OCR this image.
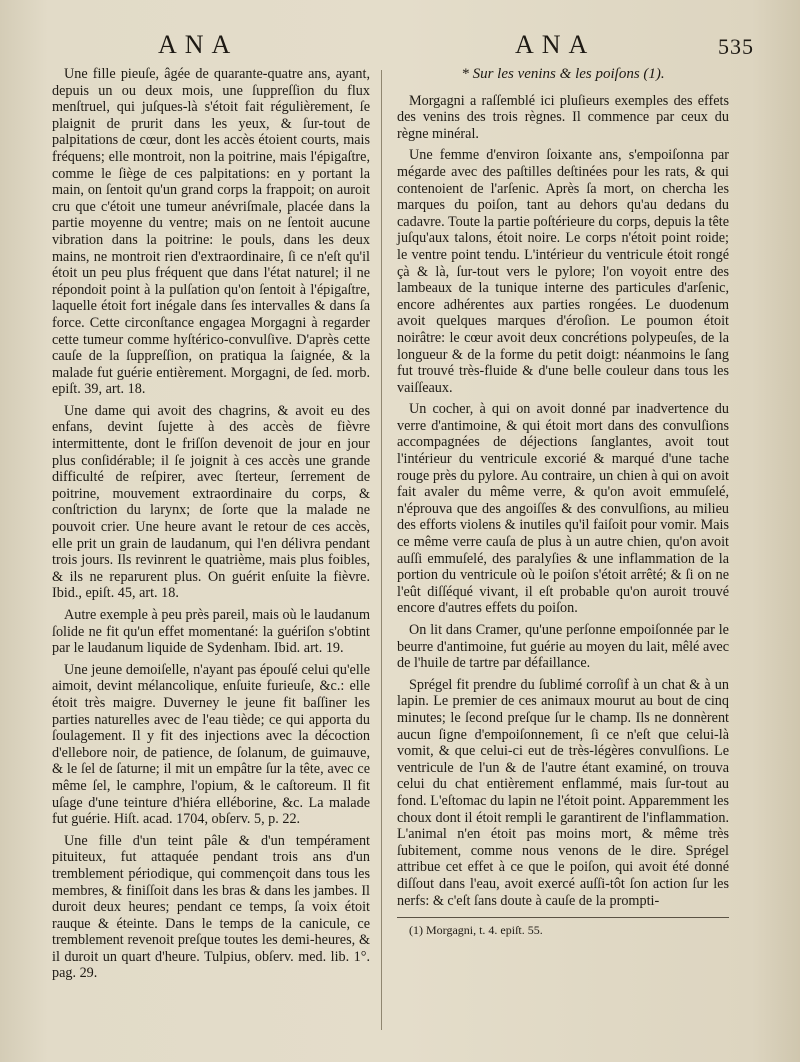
ANA	ANA	535

Une fille pieuſe, âgée de quarante-quatre ans, ayant, depuis un ou deux mois, une ſuppreſſion du flux menſtruel, qui juſques-là s'étoit fait régulièrement, ſe plaignit de prurit dans les yeux, & ſur-tout de palpitations de cœur, dont les accès étoient courts, mais fréquens; elle montroit, non la poitrine, mais l'épigaſtre, comme le ſiège de ces palpitations: en y portant la main, on ſentoit qu'un grand corps la frappoit; on auroit cru que c'étoit une tumeur anévriſmale, placée dans la partie moyenne du ventre; mais on ne ſentoit aucune vibration dans la poitrine: le pouls, dans les deux mains, ne montroit rien d'extraordinaire, ſi ce n'eſt qu'il étoit un peu plus fréquent que dans l'état naturel; il ne répondoit point à la pulſation qu'on ſentoit à l'épigaſtre, laquelle étoit fort inégale dans ſes intervalles & dans ſa force. Cette circonſtance engagea Morgagni à regarder cette tumeur comme hyſtérico-convulſive. D'après cette cauſe de la ſuppreſſion, on pratiqua la ſaignée, & la malade fut guérie entièrement. Morgagni, de ſed. morb. epiſt. 39, art. 18.

Une dame qui avoit des chagrins, & avoit eu des enfans, devint ſujette à des accès de fièvre intermittente, dont le friſſon devenoit de jour en jour plus conſidérable; il ſe joignit à ces accès une grande difficulté de reſpirer, avec ſterteur, ſerrement de poitrine, mouvement extraordinaire du corps, & conſtriction du larynx; de ſorte que la malade ne pouvoit crier. Une heure avant le retour de ces accès, elle prit un grain de laudanum, qui l'en délivra pendant trois jours. Ils revinrent le quatrième, mais plus foibles, & ils ne reparurent plus. On guérit enſuite la fièvre. Ibid., epiſt. 45, art. 18.

Autre exemple à peu près pareil, mais où le laudanum ſolide ne fit qu'un effet momentané: la guériſon s'obtint par le laudanum liquide de Sydenham. Ibid. art. 19.

Une jeune demoiſelle, n'ayant pas épouſé celui qu'elle aimoit, devint mélancolique, enſuite furieuſe, &c.: elle étoit très maigre. Duverney le jeune fit baſſiner les parties naturelles avec de l'eau tiède; ce qui apporta du ſoulagement. Il y fit des injections avec la décoction d'ellebore noir, de patience, de ſolanum, de guimauve, & le ſel de ſaturne; il mit un empâtre ſur la tête, avec ce même ſel, le camphre, l'opium, & le caſtoreum. Il fit uſage d'une teinture d'hiéra elléborine, &c. La malade fut guérie. Hiſt. acad. 1704, obſerv. 5, p. 22.

Une fille d'un teint pâle & d'un tempérament pituiteux, fut attaquée pendant trois ans d'un tremblement périodique, qui commençoit dans tous les membres, & finiſſoit dans les bras & dans les jambes. Il duroit deux heures; pendant ce temps, ſa voix étoit rauque & éteinte. Dans le temps de la canicule, ce tremblement revenoit preſque toutes les demi-heures, & il duroit un quart d'heure. Tulpius, obſerv. med. lib. 1°. pag. 29.

* Sur les venins & les poiſons (1).

Morgagni a raſſemblé ici pluſieurs exemples des effets des venins des trois règnes. Il commence par ceux du règne minéral.

Une femme d'environ ſoixante ans, s'empoiſonna par mégarde avec des paſtilles deſtinées pour les rats, & qui contenoient de l'arſenic. Après ſa mort, on chercha les marques du poiſon, tant au dehors qu'au dedans du cadavre. Toute la partie poſtérieure du corps, depuis la tête juſqu'aux talons, étoit noire. Le corps n'étoit point roide; le ventre point tendu. L'intérieur du ventricule étoit rongé çà & là, ſur-tout vers le pylore; l'on voyoit entre des lambeaux de la tunique interne des particules d'arſenic, encore adhérentes aux parties rongées. Le duodenum avoit quelques marques d'éroſion. Le poumon étoit noirâtre: le cœur avoit deux concrétions polypeuſes, de la longueur & de la forme du petit doigt: néanmoins le ſang fut trouvé très-fluide & d'une belle couleur dans tous les vaiſſeaux.

Un cocher, à qui on avoit donné par inadvertence du verre d'antimoine, & qui étoit mort dans des convulſions accompagnées de déjections ſanglantes, avoit tout l'intérieur du ventricule excorié & marqué d'une tache rouge près du pylore. Au contraire, un chien à qui on avoit fait avaler du même verre, & qu'on avoit emmuſelé, n'éprouva que des angoiſſes & des convulſions, au milieu des efforts violens & inutiles qu'il faiſoit pour vomir. Mais ce même verre cauſa de plus à un autre chien, qu'on avoit auſſi emmuſelé, des paralyſies & une inflammation de la portion du ventricule où le poiſon s'étoit arrêté; & ſi on ne l'eût diſſéqué vivant, il eſt probable qu'on auroit trouvé encore d'autres effets du poiſon.

On lit dans Cramer, qu'une perſonne empoiſonnée par le beurre d'antimoine, fut guérie au moyen du lait, mêlé avec de l'huile de tartre par défaillance.

Sprégel fit prendre du ſublimé corroſif à un chat & à un lapin. Le premier de ces animaux mourut au bout de cinq minutes; le ſecond preſque ſur le champ. Ils ne donnèrent aucun ſigne d'empoiſonnement, ſi ce n'eſt que celui-là vomit, & que celui-ci eut de très-légères convulſions. Le ventricule de l'un & de l'autre étant examiné, on trouva celui du chat entièrement enflammé, mais ſur-tout au fond. L'eſtomac du lapin ne l'étoit point. Apparemment les choux dont il étoit rempli le garantirent de l'inflammation. L'animal n'en étoit pas moins mort, & même très ſubitement, comme nous venons de le dire. Sprégel attribue cet effet à ce que le poiſon, qui avoit été donné diſſout dans l'eau, avoit exercé auſſi-tôt ſon action ſur les nerfs: & c'eſt ſans doute à cauſe de la prompti-

(1) Morgagni, t. 4. epiſt. 55.
